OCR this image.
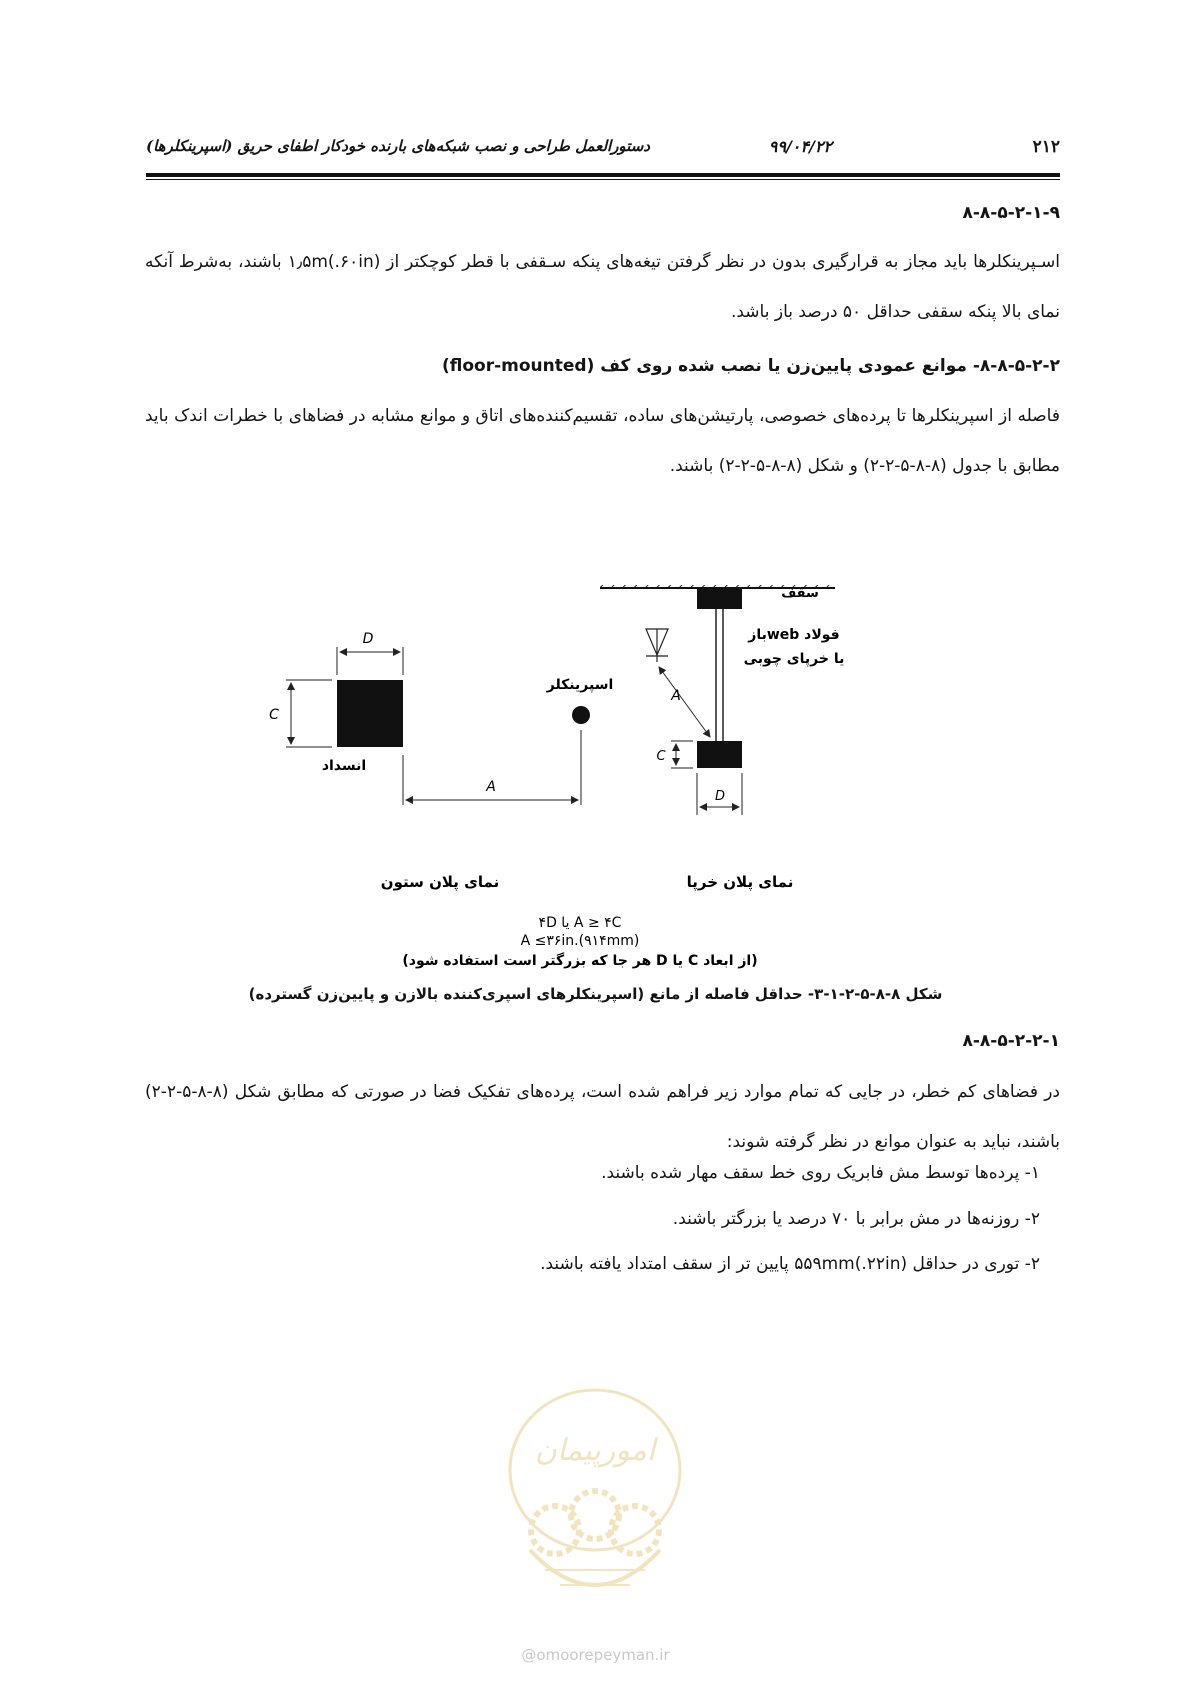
۲۱۲
۹۹/۰۴/۲۲
دستورالعمل طراحی و نصب شبکه‌های بارنده خودکار اطفای حریق (اسپرینکلرها)
۸-۸-۵-۲-۱-۹
اسـپرینکلرها باید مجاز به قرارگیری بدون در نظر گرفتن تیغه‌های پنکه سـقفی با قطر کوچکتر از ۱٫۵m(.۶۰in) باشند، به‌شرط آنکه نمای بالا پنکه سقفی حداقل ۵۰ درصد باز باشد.
۸-۸-۵-۲-۲- موانع عمودی پایین‌زن یا نصب شده روی کف (floor-mounted)
فاصله از اسپرینکلرها تا پرده‌های خصوصی، پارتیشن‌های ساده، تقسیم‌کننده‌های اتاق و موانع مشابه در فضاهای با خطرات اندک باید مطابق با جدول (۸-۸-۵-۲-۲) و شکل (۸-۸-۵-۲-۲) باشند.
D
C
انسداد
اسپرینکلر
A
نمای پلان ستون
سقف
فولاد webباز
یا خرپای چوبی
A
C
D
نمای پلان خرپا
A ≥ ۴C یا ۴D
A ≤۳۶in.(۹۱۴mm)
(از ابعاد C یا D هر جا که بزرگتر است استفاده شود)
شکل ۸-۸-۵-۲-۱-۳- حداقل فاصله از مانع (اسپرینکلرهای اسپری‌کننده بالازن و پایین‌زن گسترده)
۸-۸-۵-۲-۲-۱
در فضاهای کم خطر، در جایی که تمام موارد زیر فراهم شده است، پرده‌های تفکیک فضا در صورتی که مطابق شکل (۸-۸-۵-۲-۲) باشند، نباید به عنوان موانع در نظر گرفته شوند:
۱- پرده‌ها توسط مش فابریک روی خط سقف مهار شده باشند.
۲- روزنه‌ها در مش برابر با ۷۰ درصد یا بزرگتر باشند.
۲- توری در حداقل ۵۵۹mm(.۲۲in) پایین تر از سقف امتداد یافته باشند.
امورپیمان
@omoorepeyman.ir
